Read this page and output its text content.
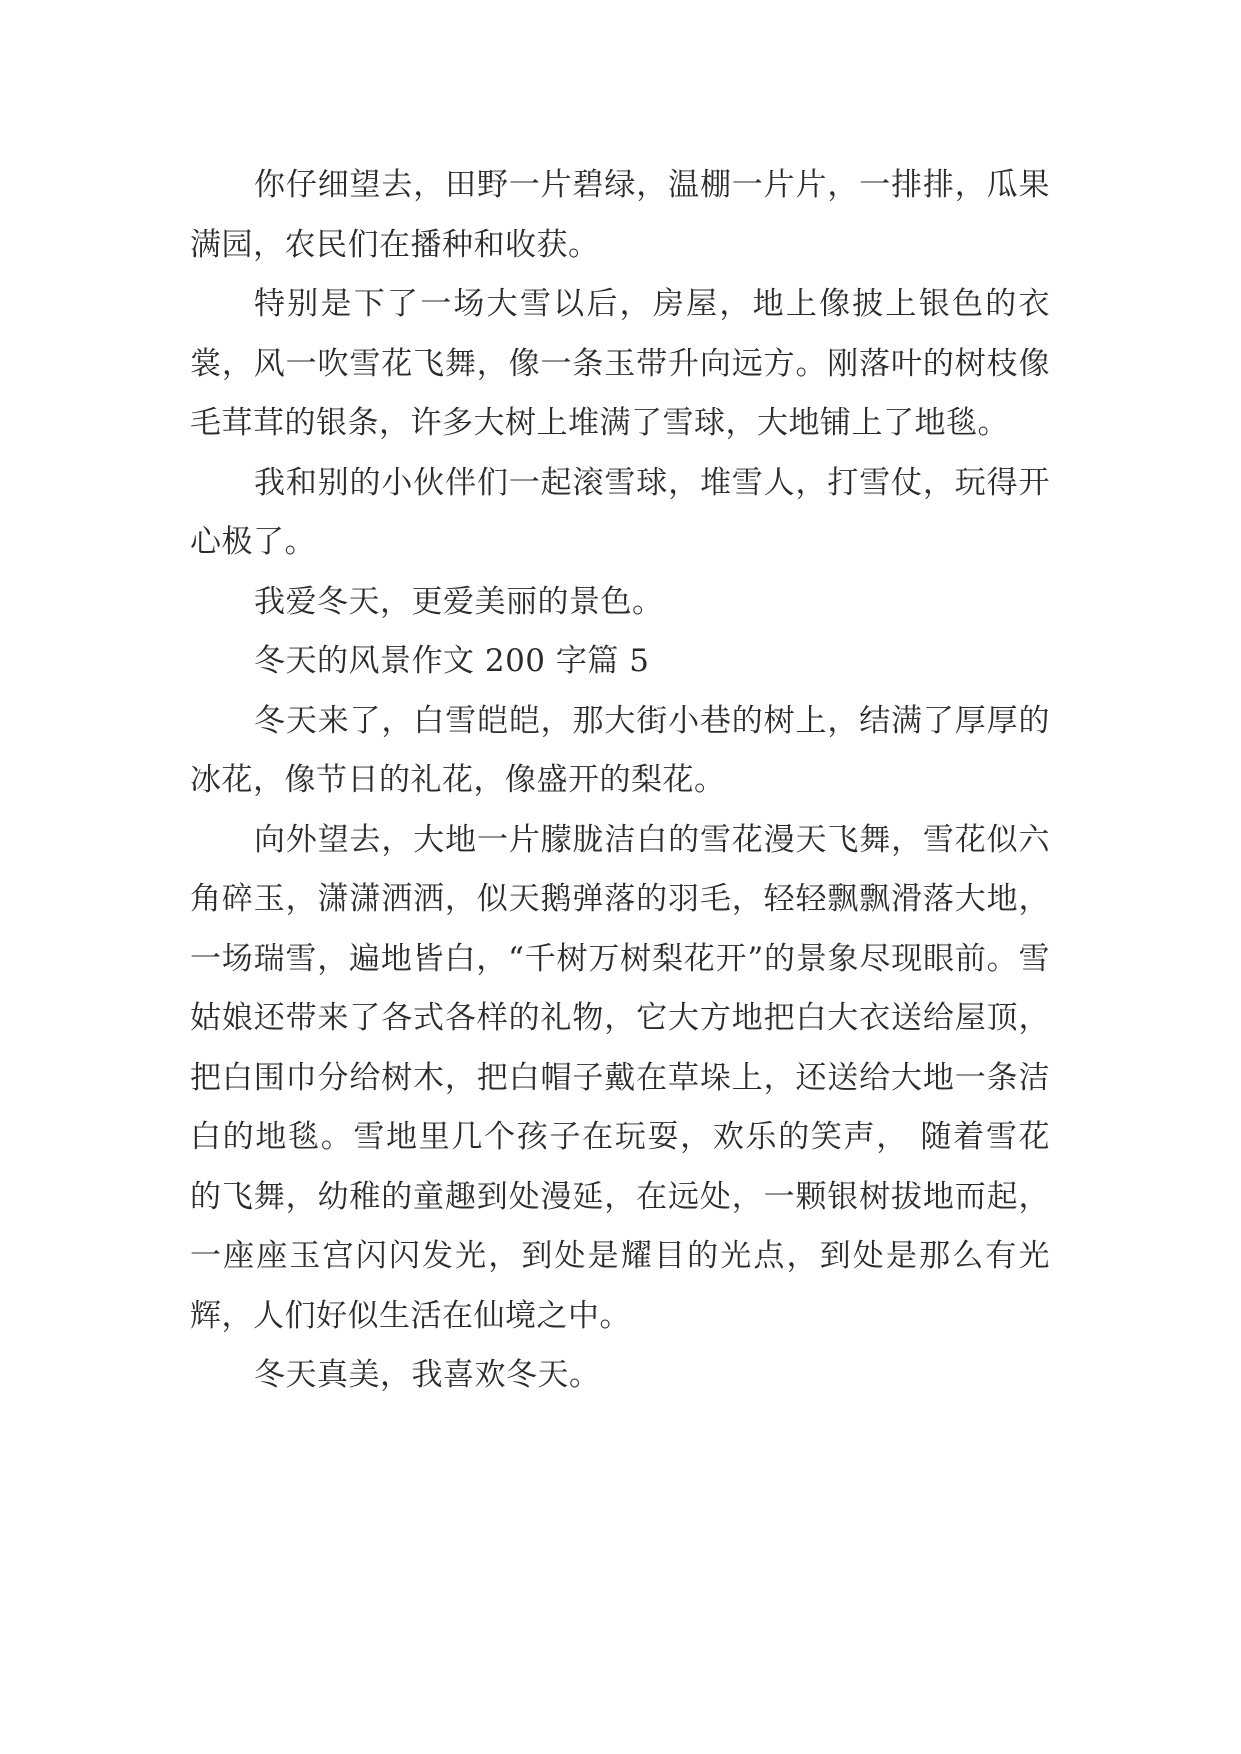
你仔细望去，田野一片碧绿，温棚一片片，一排排，瓜果满园，农民们在播种和收获。

特别是下了一场大雪以后，房屋，地上像披上银色的衣裳，风一吹雪花飞舞，像一条玉带升向远方。刚落叶的树枝像毛茸茸的银条，许多大树上堆满了雪球，大地铺上了地毯。

我和别的小伙伴们一起滚雪球，堆雪人，打雪仗，玩得开心极了。

我爱冬天，更爱美丽的景色。

冬天的风景作文 200 字篇 5

冬天来了，白雪皑皑，那大街小巷的树上，结满了厚厚的冰花，像节日的礼花，像盛开的梨花。

向外望去，大地一片朦胧洁白的雪花漫天飞舞，雪花似六角碎玉，潇潇洒洒，似天鹅弹落的羽毛，轻轻飘飘滑落大地，一场瑞雪，遍地皆白，“千树万树梨花开”的景象尽现眼前。雪姑娘还带来了各式各样的礼物，它大方地把白大衣送给屋顶，把白围巾分给树木，把白帽子戴在草垛上，还送给大地一条洁白的地毯。雪地里几个孩子在玩耍，欢乐的笑声， 随着雪花的飞舞，幼稚的童趣到处漫延，在远处，一颗银树拔地而起，一座座玉宫闪闪发光，到处是耀目的光点，到处是那么有光辉，人们好似生活在仙境之中。

冬天真美，我喜欢冬天。
